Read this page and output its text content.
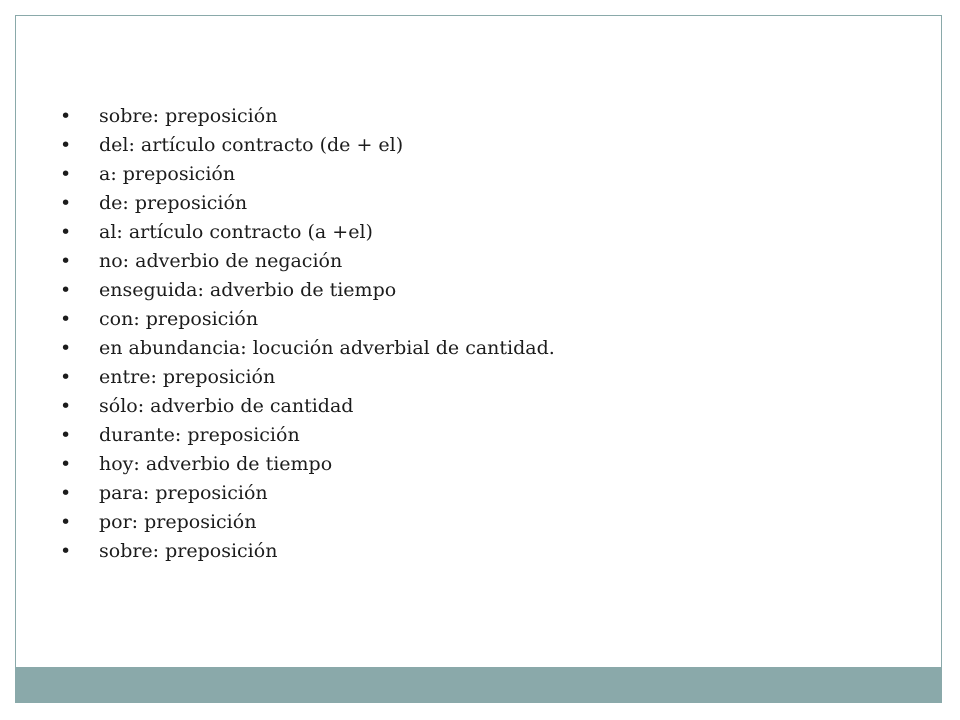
• sobre: preposición
• del: artículo contracto (de + el)
• a: preposición
• de: preposición
• al: artículo contracto (a +el)
• no: adverbio de negación
• enseguida: adverbio de tiempo
• con: preposición
• en abundancia: locución adverbial de cantidad.
• entre: preposición
• sólo: adverbio de cantidad
• durante: preposición
• hoy: adverbio de tiempo
• para: preposición
• por: preposición
• sobre: preposición
